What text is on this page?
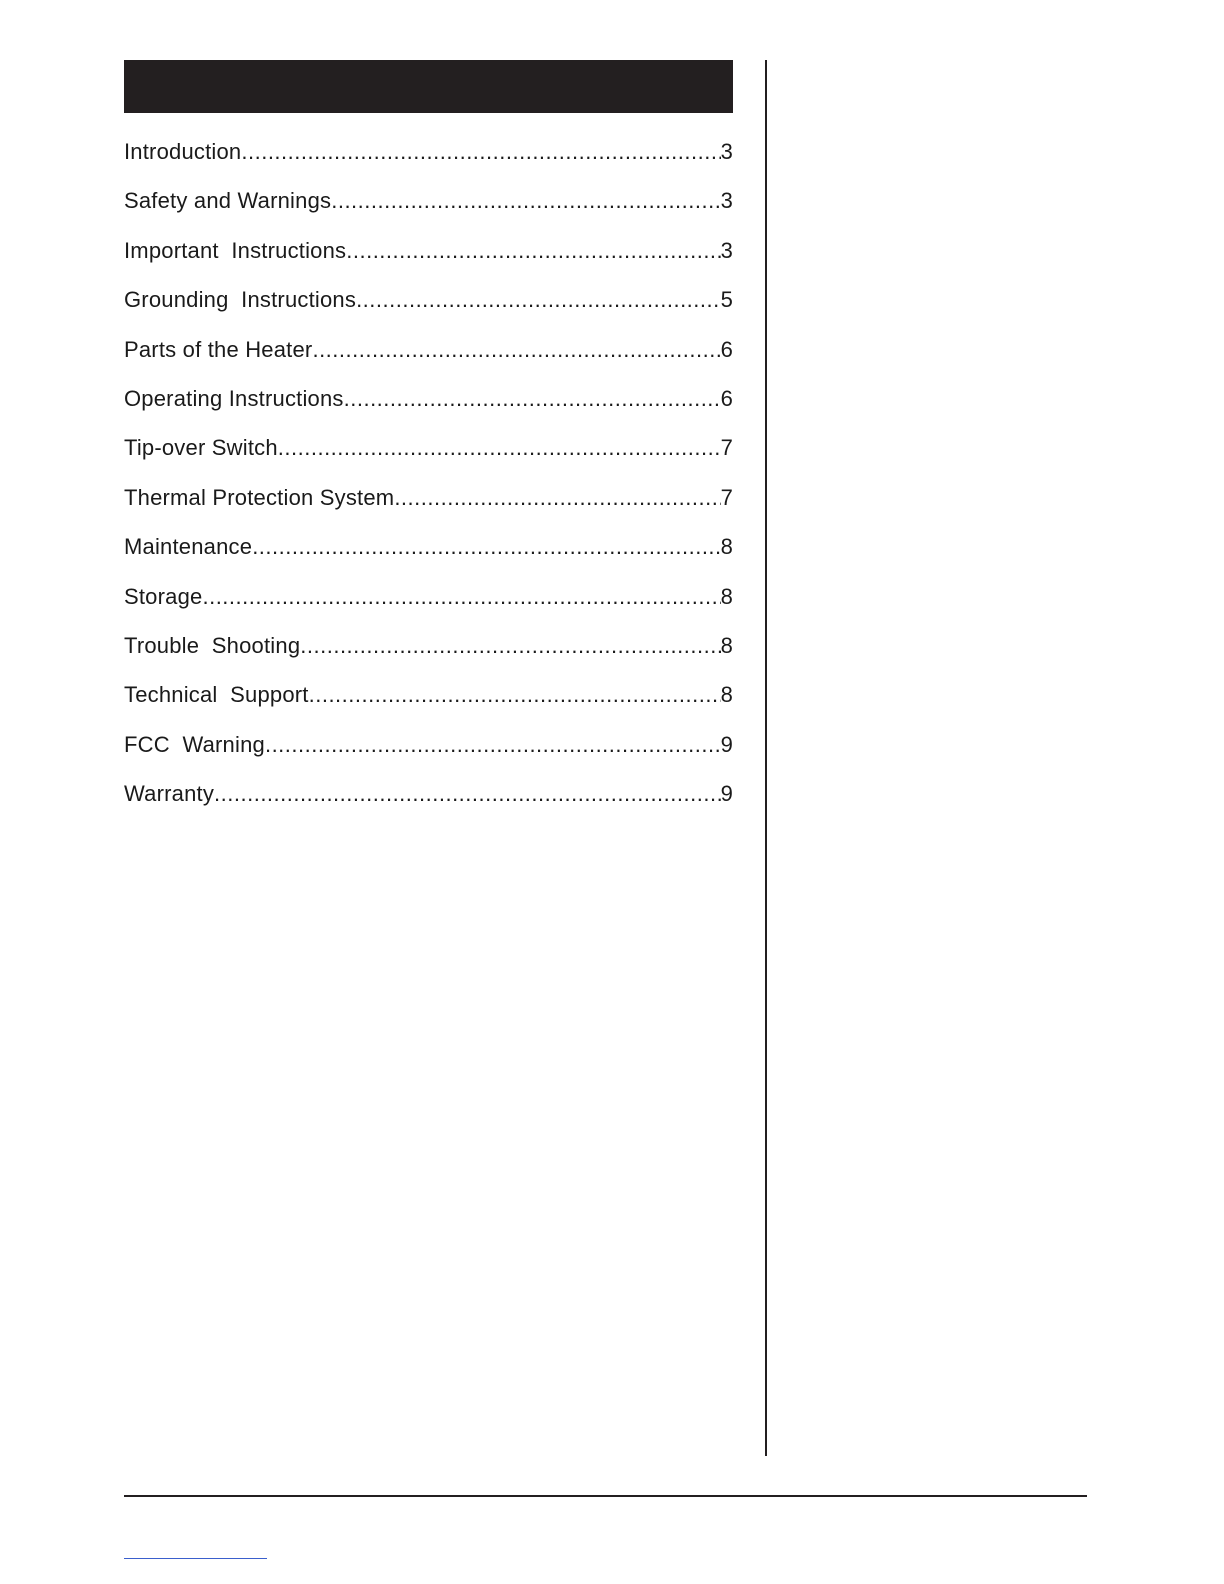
Introduction .....	3
Safety and Warnings .....	3
Important  Instructions .....	3
Grounding  Instructions .....	5
Parts of the Heater .....	6
Operating Instructions .....	6
Tip-over Switch .....	7
Thermal Protection System .....	7
Maintenance .....	8
Storage .....	8
Trouble  Shooting .....	8
Technical  Support .....	8
FCC  Warning .....	9
Warranty .....	9
